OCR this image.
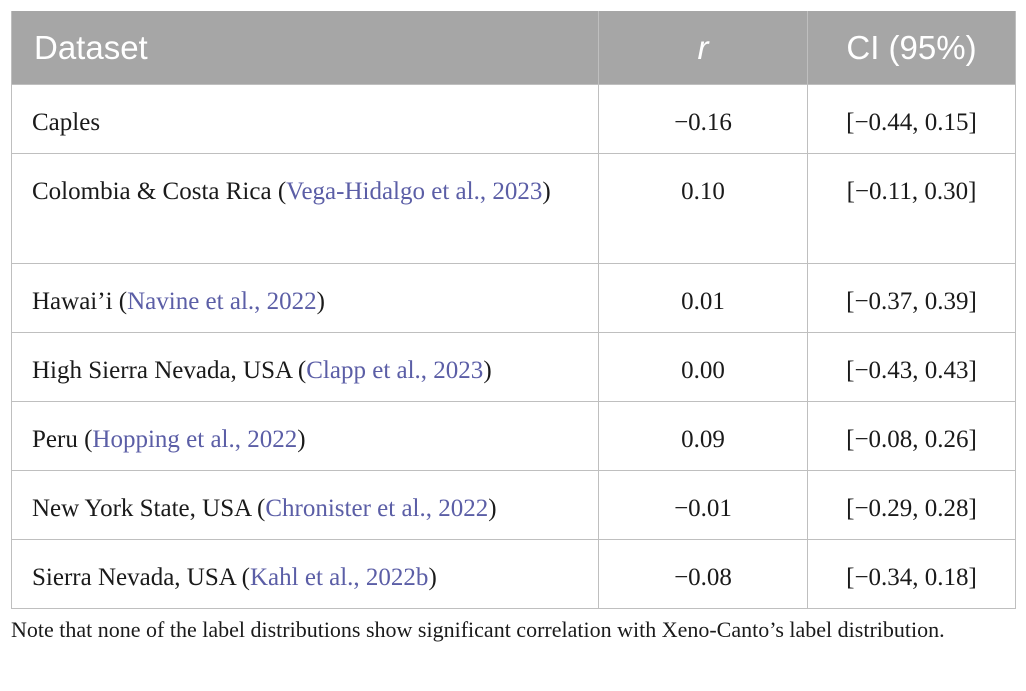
Dataset	r	CI (95%)
Caples	−0.16	[−0.44, 0.15]
Colombia & Costa Rica (Vega-Hidalgo et al., 2023)	0.10	[−0.11, 0.30]
Hawai’i (Navine et al., 2022)	0.01	[−0.37, 0.39]
High Sierra Nevada, USA (Clapp et al., 2023)	0.00	[−0.43, 0.43]
Peru (Hopping et al., 2022)	0.09	[−0.08, 0.26]
New York State, USA (Chronister et al., 2022)	−0.01	[−0.29, 0.28]
Sierra Nevada, USA (Kahl et al., 2022b)	−0.08	[−0.34, 0.18]
Note that none of the label distributions show significant correlation with Xeno-Canto’s label distribution.
